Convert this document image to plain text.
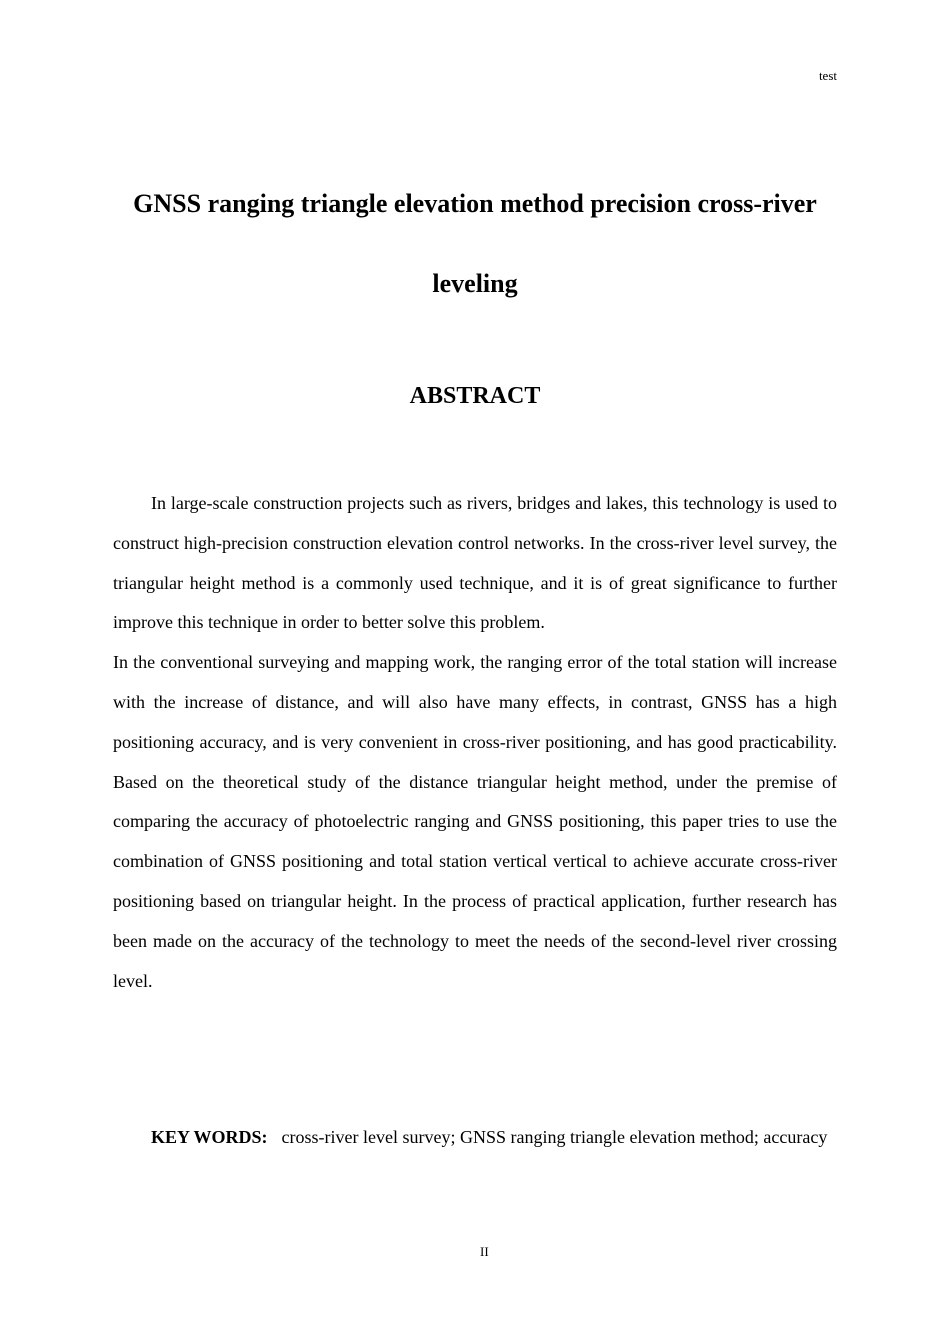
test
GNSS ranging triangle elevation method precision cross-river leveling
ABSTRACT

In large-scale construction projects such as rivers, bridges and lakes, this technology is used to construct high-precision construction elevation control networks. In the cross-river level survey, the triangular height method is a commonly used technique, and it is of great significance to further improve this technique in order to better solve this problem.

In the conventional surveying and mapping work, the ranging error of the total station will increase with the increase of distance, and will also have many effects, in contrast, GNSS has a high positioning accuracy, and is very convenient in cross-river positioning, and has good practicability. Based on the theoretical study of the distance triangular height method, under the premise of comparing the accuracy of photoelectric ranging and GNSS positioning, this paper tries to use the combination of GNSS positioning and total station vertical vertical to achieve accurate cross-river positioning based on triangular height. In the process of practical application, further research has been made on the accuracy of the technology to meet the needs of the second-level river crossing level.

KEY WORDS: cross-river level survey; GNSS ranging triangle elevation method; accuracy
II
